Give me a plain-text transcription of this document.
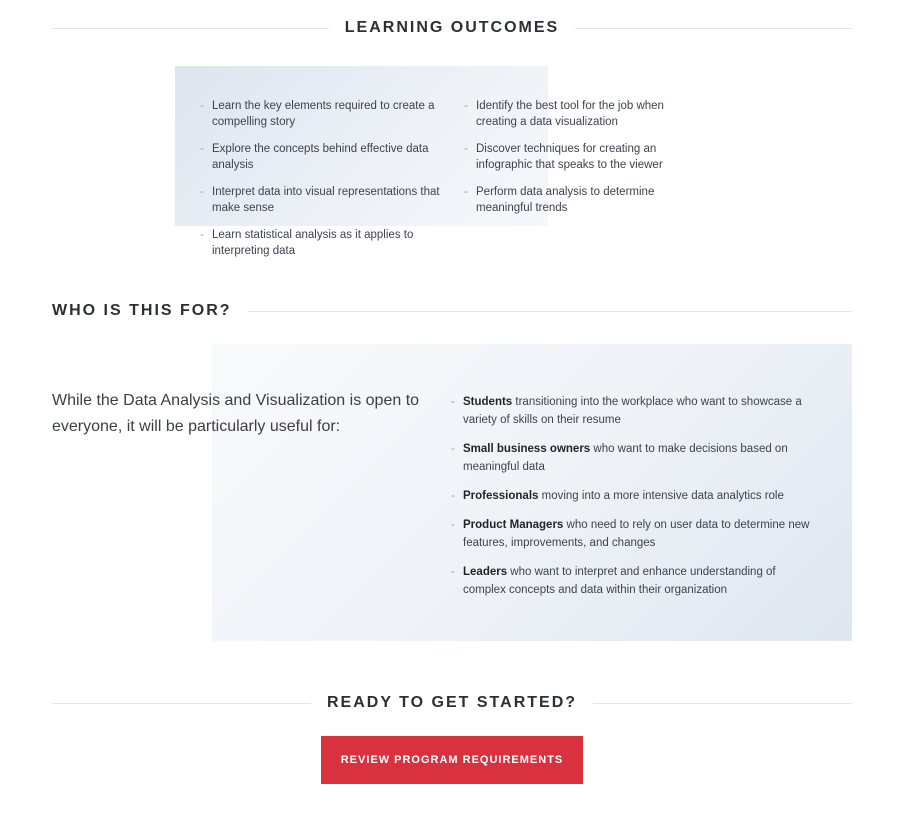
LEARNING OUTCOMES
- Learn the key elements required to create a compelling story
- Explore the concepts behind effective data analysis
- Interpret data into visual representations that make sense
- Learn statistical analysis as it applies to interpreting data
- Identify the best tool for the job when creating a data visualization
- Discover techniques for creating an infographic that speaks to the viewer
- Perform data analysis to determine meaningful trends
WHO IS THIS FOR?

While the Data Analysis and Visualization is open to everyone, it will be particularly useful for:

- Students transitioning into the workplace who want to showcase a variety of skills on their resume
- Small business owners who want to make decisions based on meaningful data
- Professionals moving into a more intensive data analytics role
- Product Managers who need to rely on user data to determine new features, improvements, and changes
- Leaders who want to interpret and enhance understanding of complex concepts and data within their organization
READY TO GET STARTED?
REVIEW PROGRAM REQUIREMENTS
